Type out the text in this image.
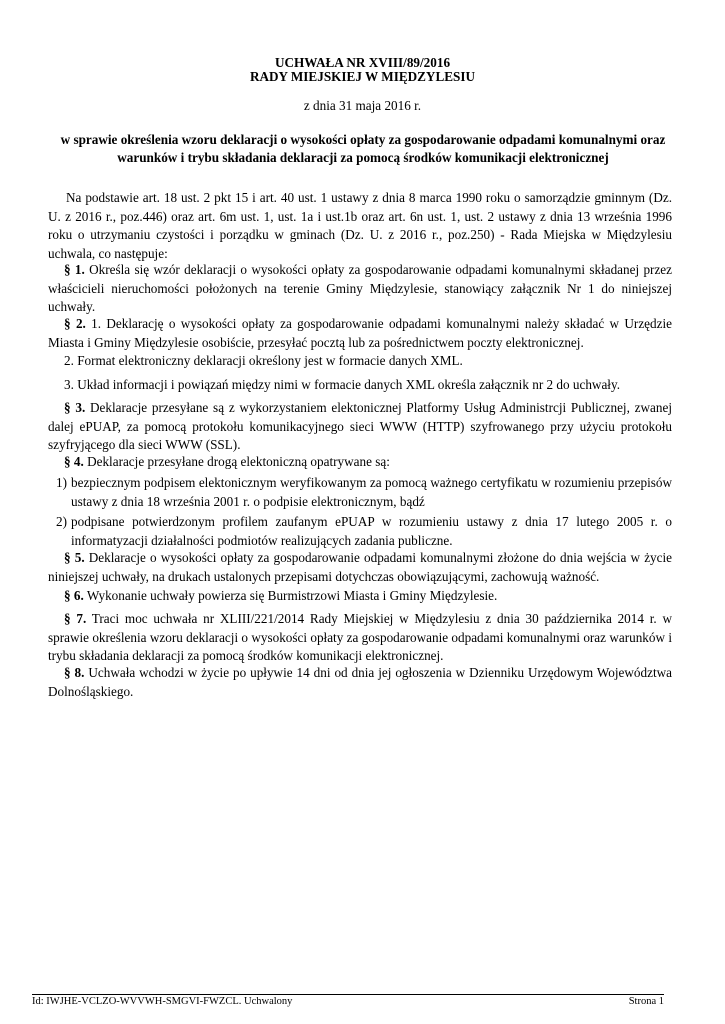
UCHWAŁA NR XVIII/89/2016

RADY MIEJSKIEJ W MIĘDZYLESIU

z dnia 31 maja 2016 r.

w sprawie określenia wzoru deklaracji o wysokości opłaty za gospodarowanie odpadami komunalnymi oraz warunków i trybu składania deklaracji za pomocą środków komunikacji elektronicznej

Na podstawie art. 18 ust. 2 pkt 15 i art. 40 ust. 1 ustawy z dnia 8 marca 1990 roku o samorządzie gminnym (Dz. U. z 2016 r., poz.446) oraz art. 6m ust. 1, ust. 1a i ust.1b oraz art. 6n ust. 1, ust. 2 ustawy z dnia 13 września 1996 roku o utrzymaniu czystości i porządku w gminach (Dz. U. z 2016 r., poz.250) - Rada Miejska w Międzylesiu uchwala, co następuje:

§ 1. Określa się wzór deklaracji o wysokości opłaty za gospodarowanie odpadami komunalnymi składanej przez właścicieli nieruchomości położonych na terenie Gminy Międzylesie, stanowiący załącznik Nr 1 do niniejszej uchwały.

§ 2. 1. Deklarację o wysokości opłaty za gospodarowanie odpadami komunalnymi należy składać w Urzędzie Miasta i Gminy Międzylesie osobiście, przesyłać pocztą lub za pośrednictwem poczty elektronicznej.

2. Format elektroniczny deklaracji określony jest w formacie danych XML.

3. Układ informacji i powiązań między nimi w formacie danych XML określa załącznik nr 2 do uchwały.

§ 3. Deklaracje przesyłane są z wykorzystaniem elektonicznej Platformy Usług Administrcji Publicznej, zwanej dalej ePUAP, za pomocą protokołu komunikacyjnego sieci WWW (HTTP) szyfrowanego przy użyciu protokołu szyfryjącego dla sieci WWW (SSL).

§ 4. Deklaracje przesyłane drogą elektoniczną opatrywane są:

1) bezpiecznym podpisem elektonicznym weryfikowanym za pomocą ważnego certyfikatu w rozumieniu przepisów ustawy z dnia 18 września 2001 r. o podpisie elektronicznym, bądź

2) podpisane potwierdzonym profilem zaufanym ePUAP w rozumieniu ustawy z dnia 17 lutego 2005 r. o informatyzacji działalności podmiotów realizujących zadania publiczne.

§ 5. Deklaracje o wysokości opłaty za gospodarowanie odpadami komunalnymi złożone do dnia wejścia w życie niniejszej uchwały, na drukach ustalonych przepisami dotychczas obowiązującymi, zachowują ważność.

§ 6. Wykonanie uchwały powierza się Burmistrzowi Miasta i Gminy Międzylesie.

§ 7. Traci moc uchwała nr XLIII/221/2014 Rady Miejskiej w Międzylesiu z dnia 30 października 2014 r. w sprawie określenia wzoru deklaracji o wysokości opłaty za gospodarowanie odpadami komunalnymi oraz warunków i trybu składania deklaracji za pomocą środków komunikacji elektronicznej.

§ 8. Uchwała wchodzi w życie po upływie 14 dni od dnia jej ogłoszenia w Dzienniku Urzędowym Województwa Dolnośląskiego.

Id: IWJHE-VCLZO-WVVWH-SMGVI-FWZCL. Uchwalony	Strona 1
